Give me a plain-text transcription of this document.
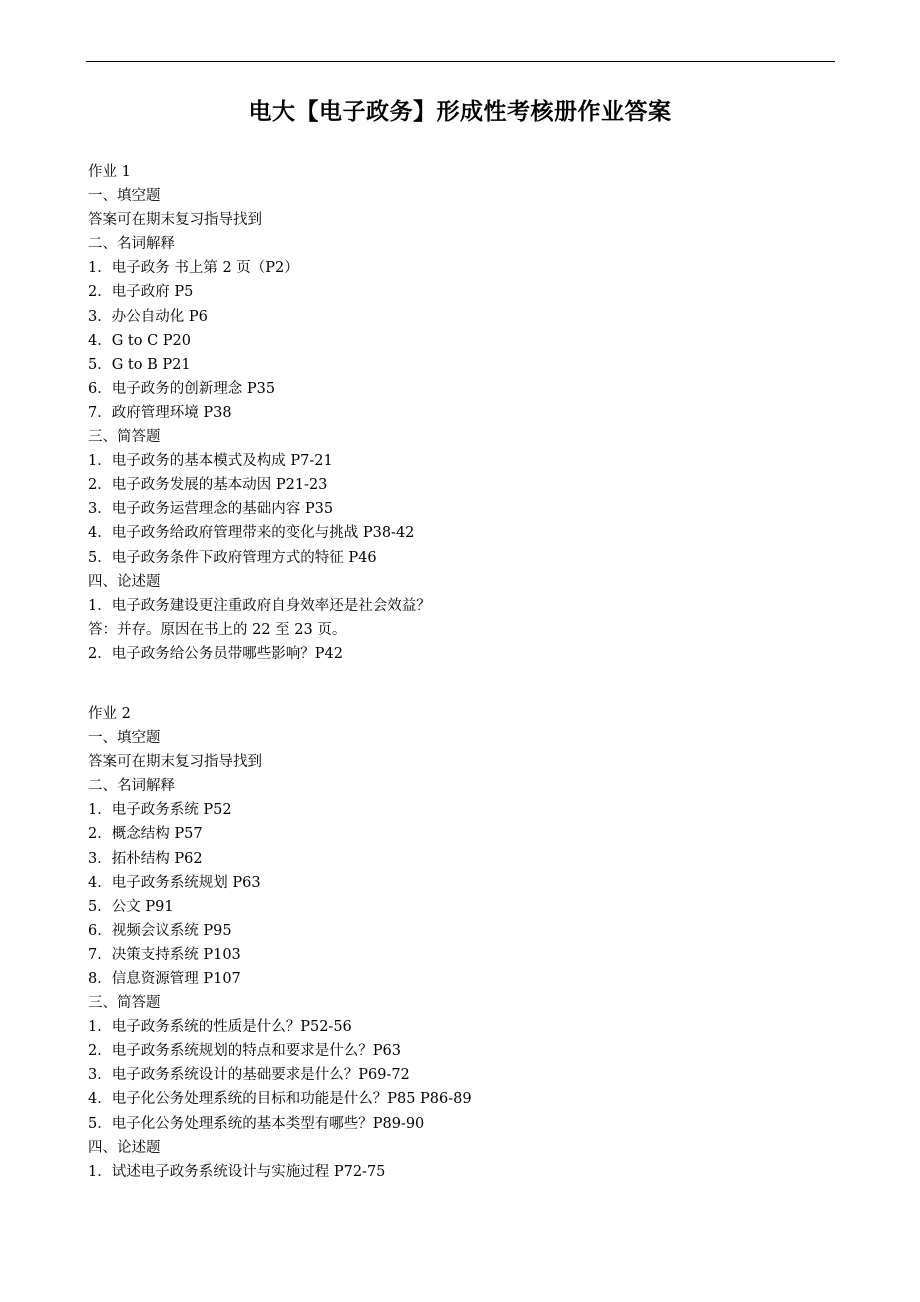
电大【电子政务】形成性考核册作业答案
作业 1
一、填空题
答案可在期末复习指导找到
二、名词解释
1．电子政务 书上第 2 页（P2）
2．电子政府 P5
3．办公自动化 P6
4．G to C P20
5．G to B P21
6．电子政务的创新理念 P35
7．政府管理环境 P38
三、简答题
1．电子政务的基本模式及构成 P7-21
2．电子政务发展的基本动因 P21-23
3．电子政务运营理念的基础内容 P35
4．电子政务给政府管理带来的变化与挑战 P38-42
5．电子政务条件下政府管理方式的特征 P46
四、论述题
1．电子政务建设更注重政府自身效率还是社会效益？
答：并存。原因在书上的 22 至 23 页。
2．电子政务给公务员带哪些影响？P42
作业 2
一、填空题
答案可在期末复习指导找到
二、名词解释
1．电子政务系统 P52
2．概念结构 P57
3．拓朴结构 P62
4．电子政务系统规划 P63
5．公文 P91
6．视频会议系统 P95
7．决策支持系统 P103
8．信息资源管理 P107
三、简答题
1．电子政务系统的性质是什么？P52-56
2．电子政务系统规划的特点和要求是什么？P63
3．电子政务系统设计的基础要求是什么？P69-72
4．电子化公务处理系统的目标和功能是什么？P85 P86-89
5．电子化公务处理系统的基本类型有哪些？P89-90
四、论述题
1．试述电子政务系统设计与实施过程 P72-75
